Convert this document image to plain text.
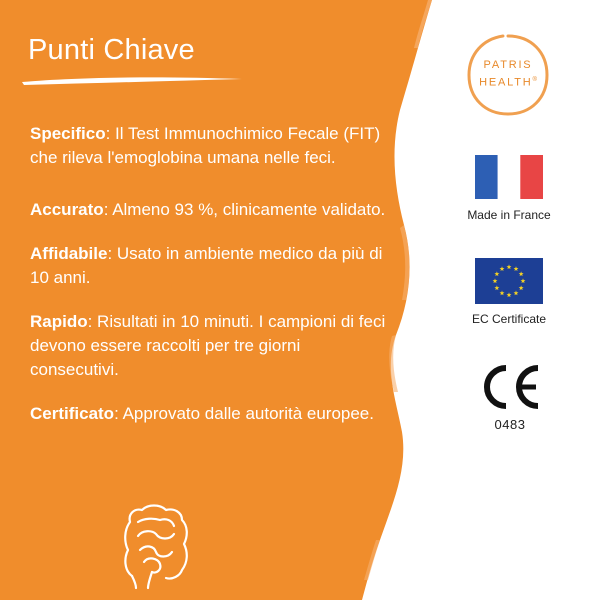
Punti Chiave
Specifico: Il Test Immunochimico Fecale (FIT) che rileva l'emoglobina umana nelle feci.
Accurato: Almeno 93 %, clinicamente validato.
Affidabile: Usato in ambiente medico da più di 10 anni.
Rapido: Risultati in 10 minuti. I campioni di feci devono essere raccolti per tre giorni consecutivi.
Certificato: Approvato dalle autorità europee.
PATRIS
HEALTH®
Made in France
EC Certificate
0483
